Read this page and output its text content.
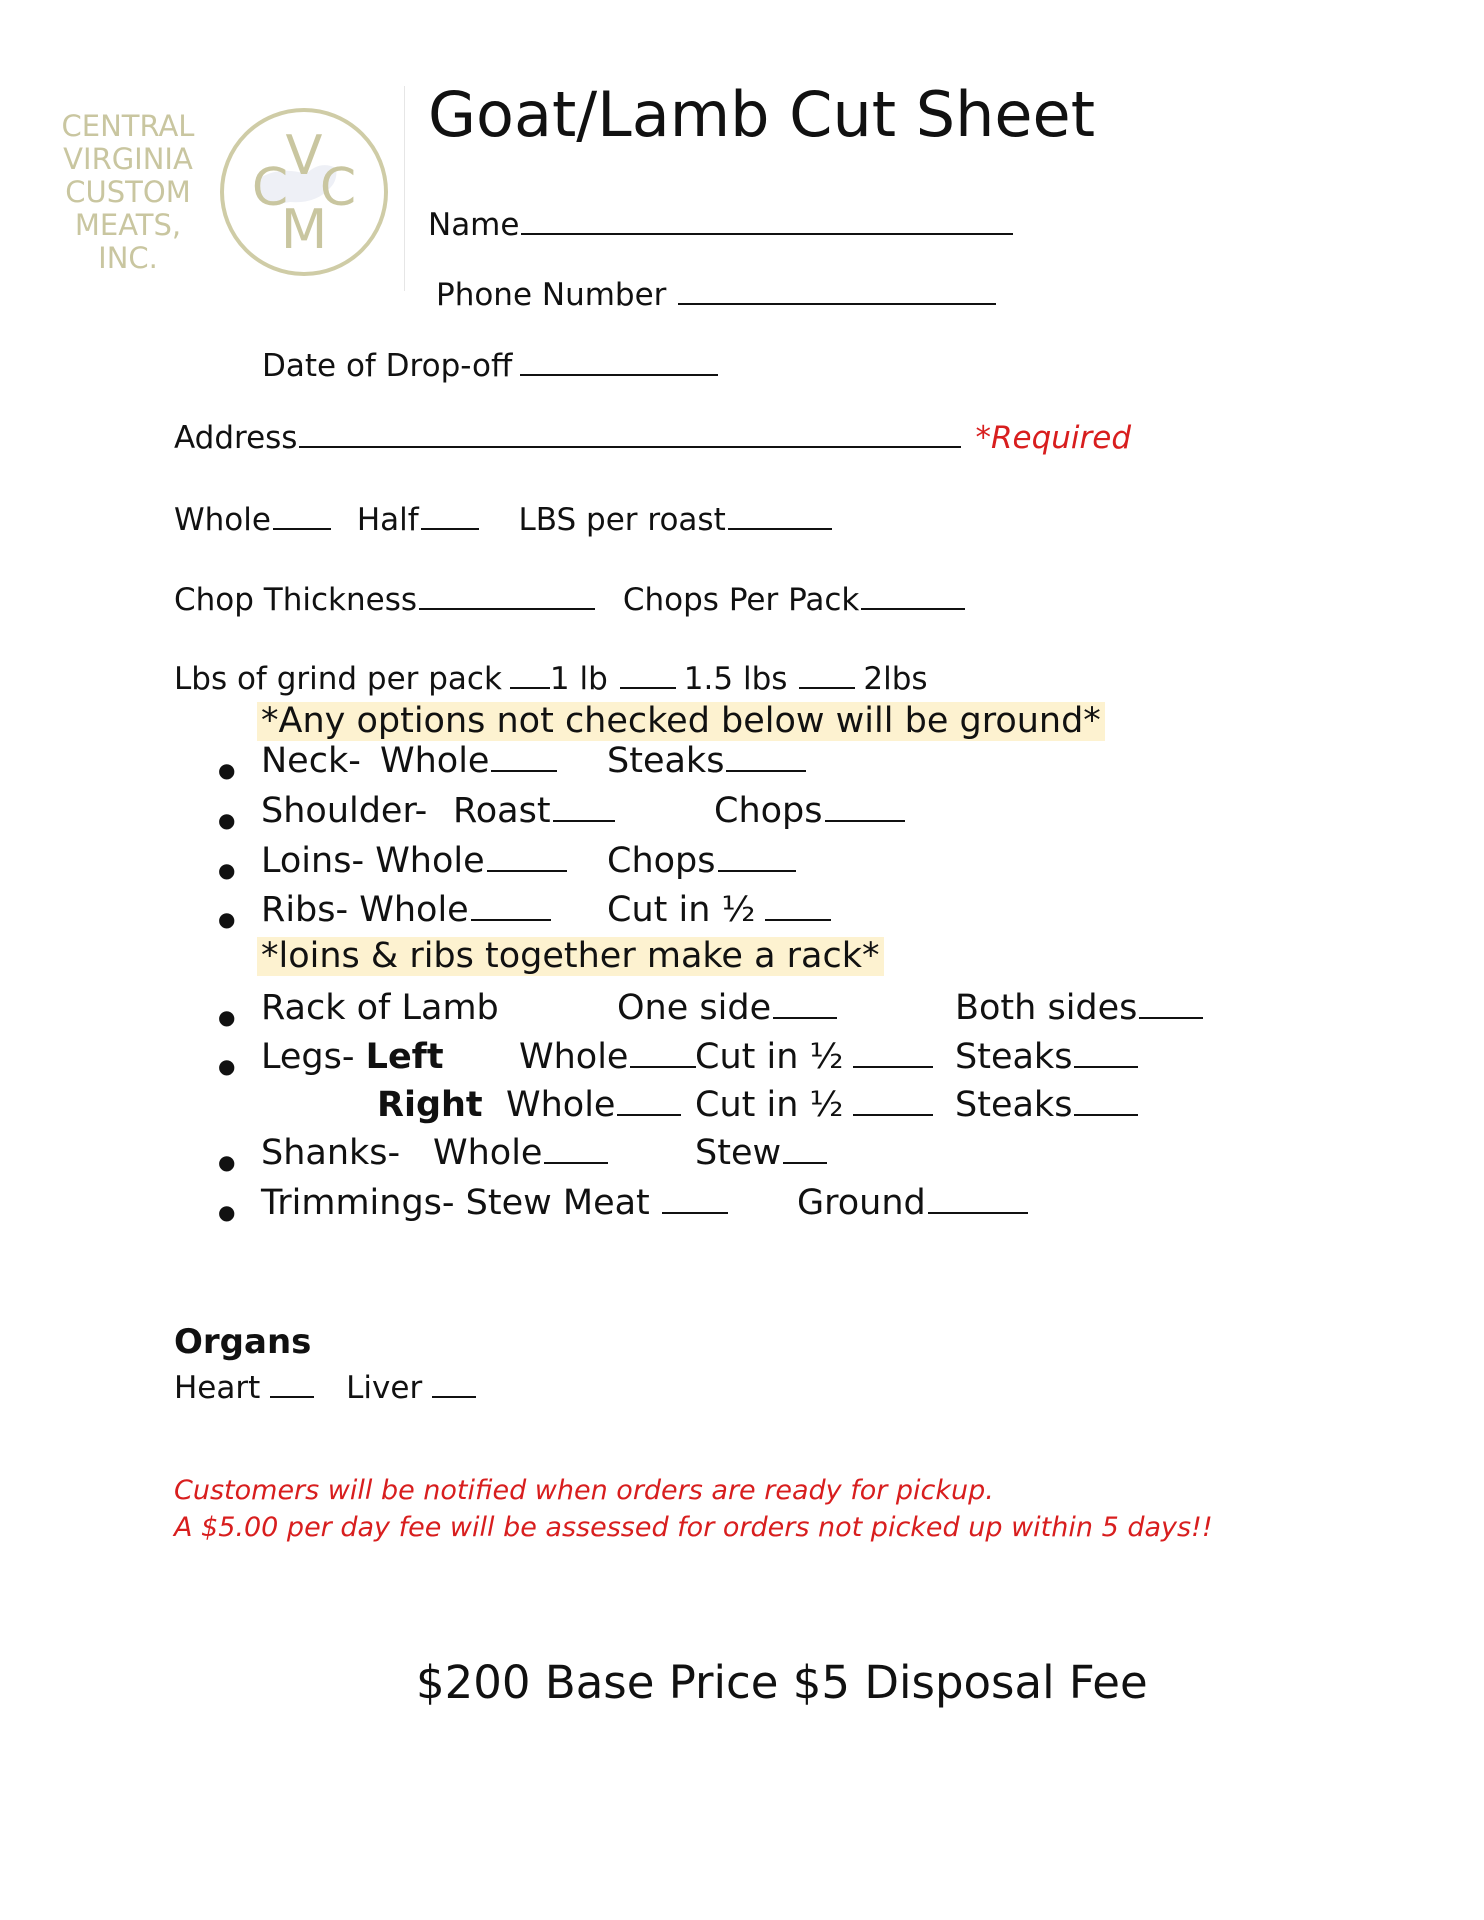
CENTRAL
VIRGINIA
CUSTOM
MEATS,
INC.
C
V
C
M
Goat/Lamb Cut Sheet
Name
Phone Number
Date of Drop-off
Address	*Required
Whole	Half	LBS per roast
Chop Thickness	Chops Per Pack
Lbs of grind per pack 1 lb 1.5 lbs 2lbs
*Any options not checked below will be ground*
● Neck- Whole	Steaks
● Shoulder- Roast	Chops
● Loins- Whole	Chops
● Ribs- Whole	Cut in ½
*loins & ribs together make a rack*
● Rack of Lamb	One side	Both sides
● Legs- Left Whole	Cut in ½	Steaks
Right Whole	Cut in ½	Steaks
● Shanks- Whole	Stew
● Trimmings- Stew Meat	Ground
Organs
Heart	Liver
Customers will be notified when orders are ready for pickup.
A $5.00 per day fee will be assessed for orders not picked up within 5 days!!
$200 Base Price $5 Disposal Fee
